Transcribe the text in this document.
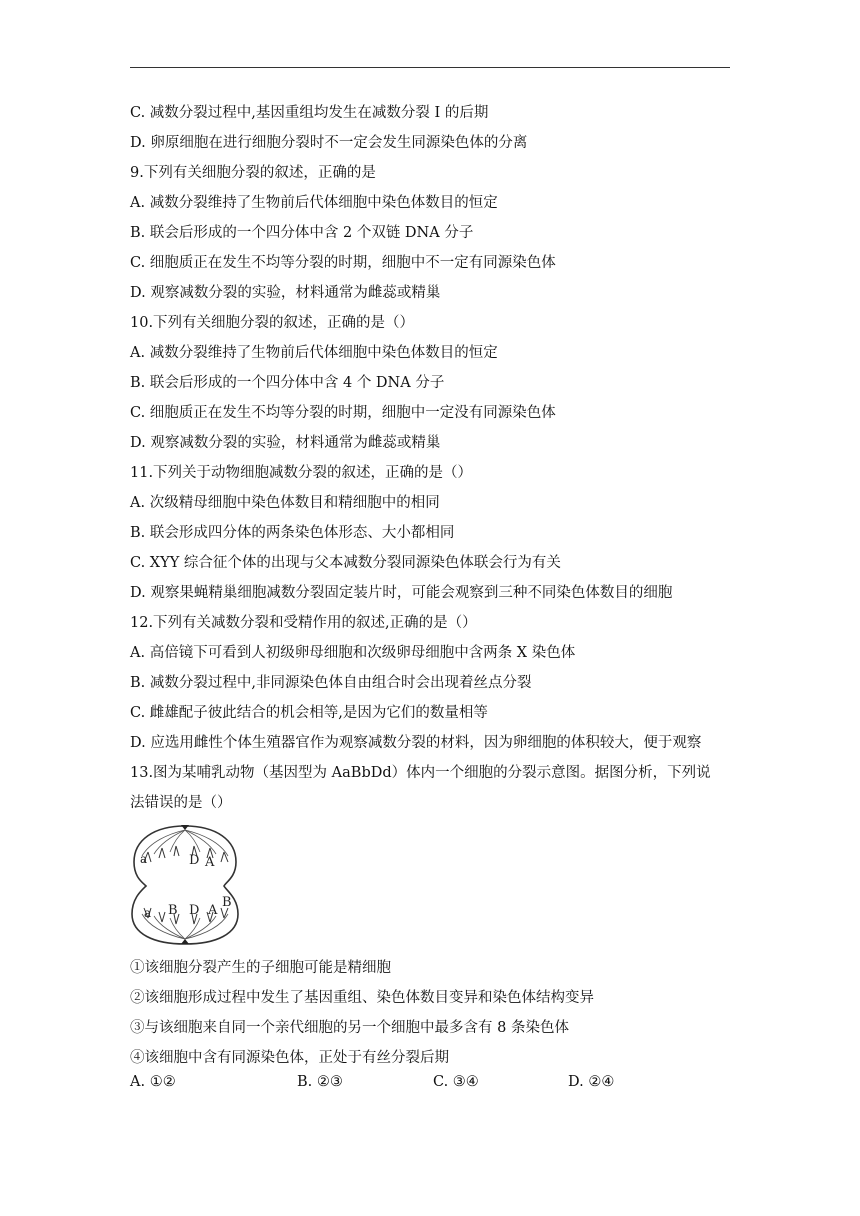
C. 减数分裂过程中,基因重组均发生在减数分裂 I 的后期
D. 卵原细胞在进行细胞分裂时不一定会发生同源染色体的分离
9.下列有关细胞分裂的叙述，正确的是
A. 减数分裂维持了生物前后代体细胞中染色体数目的恒定
B. 联会后形成的一个四分体中含 2 个双链 DNA 分子
C. 细胞质正在发生不均等分裂的时期，细胞中不一定有同源染色体
D. 观察减数分裂的实验，材料通常为雌蕊或精巢
10.下列有关细胞分裂的叙述，正确的是（）
A. 减数分裂维持了生物前后代体细胞中染色体数目的恒定
B. 联会后形成的一个四分体中含 4 个 DNA 分子
C. 细胞质正在发生不均等分裂的时期，细胞中一定没有同源染色体
D. 观察减数分裂的实验，材料通常为雌蕊或精巢
11.下列关于动物细胞减数分裂的叙述，正确的是（）
A. 次级精母细胞中染色体数目和精细胞中的相同
B. 联会形成四分体的两条染色体形态、大小都相同
C. XYY 综合征个体的出现与父本减数分裂同源染色体联会行为有关
D. 观察果蝇精巢细胞减数分裂固定装片时，可能会观察到三种不同染色体数目的细胞
12.下列有关减数分裂和受精作用的叙述,正确的是（）
A. 高倍镜下可看到人初级卵母细胞和次级卵母细胞中含两条 X 染色体
B. 减数分裂过程中,非同源染色体自由组合时会出现着丝点分裂
C. 雌雄配子彼此结合的机会相等,是因为它们的数量相等
D. 应选用雌性个体生殖器官作为观察减数分裂的材料，因为卵细胞的体积较大，便于观察
13.图为某哺乳动物（基因型为 AaBbDd）体内一个细胞的分裂示意图。据图分析，下列说
法错误的是（）
a	D A
a B D A
B
①该细胞分裂产生的子细胞可能是精细胞
②该细胞形成过程中发生了基因重组、染色体数目变异和染色体结构变异
③与该细胞来自同一个亲代细胞的另一个细胞中最多含有 8 条染色体
④该细胞中含有同源染色体，正处于有丝分裂后期
A. ①②	B. ②③	C. ③④	D. ②④
